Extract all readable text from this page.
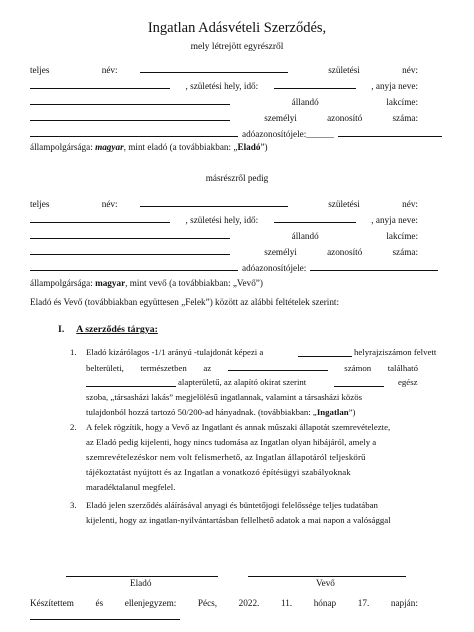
Ingatlan Adásvételi Szerződés,
mely létrejött egyrészről
teljes	név:	születési	név:
, születési hely, idő:	, anyja neve:
állandó	lakcíme:
személyi	azonosító	száma:
adóazonosító jele:______
állampolgársága: magyar, mint eladó (a továbbiakban: „Eladó”)
másrészről pedig
teljes	név:	születési	név:
, születési hely, idő:	, anyja neve:
állandó	lakcíme:
személyi	azonosító	száma:
adóazonosító jele:
állampolgársága: magyar, mint vevő (a továbbiakban: „Vevő”)
Eladó és Vevő (továbbiakban együttesen „Felek”) között az alábbi feltételek szerint:
I. A szerződés tárgya:
1. Eladó kizárólagos -1/1 arányú -tulajdonát képezi a	helyrajziszámon felvett
belterületi, természetben az	számon található
alapterületű, az alapító okirat szerint	egész
szoba, „társasházi lakás” megjelölésű ingatlannak, valamint a társasházi közös
tulajdonból hozzá tartozó 50/200-ad hányadnak. (továbbiakban: „Ingatlan”)
2. A felek rögzítik, hogy a Vevő az Ingatlant és annak műszaki állapotát szemrevételezte,
az Eladó pedig kijelenti, hogy nincs tudomása az Ingatlan olyan hibájáról, amely a
szemrevételezéskor nem volt felismerhető, az Ingatlan állapotáról teljeskörű
tájékoztatást nyújtott és az Ingatlan a vonatkozó építésügyi szabályoknak
maradéktalanul megfelel.
3. Eladó jelen szerződés aláírásával anyagi és büntetőjogi felelőssége teljes tudatában
kijelenti, hogy az ingatlan-nyilvántartásban fellelhető adatok a mai napon a valósággal
Eladó	Vevő
Készítettem és ellenjegyzem: Pécs, 2022. 11. hónap 17. napján:
